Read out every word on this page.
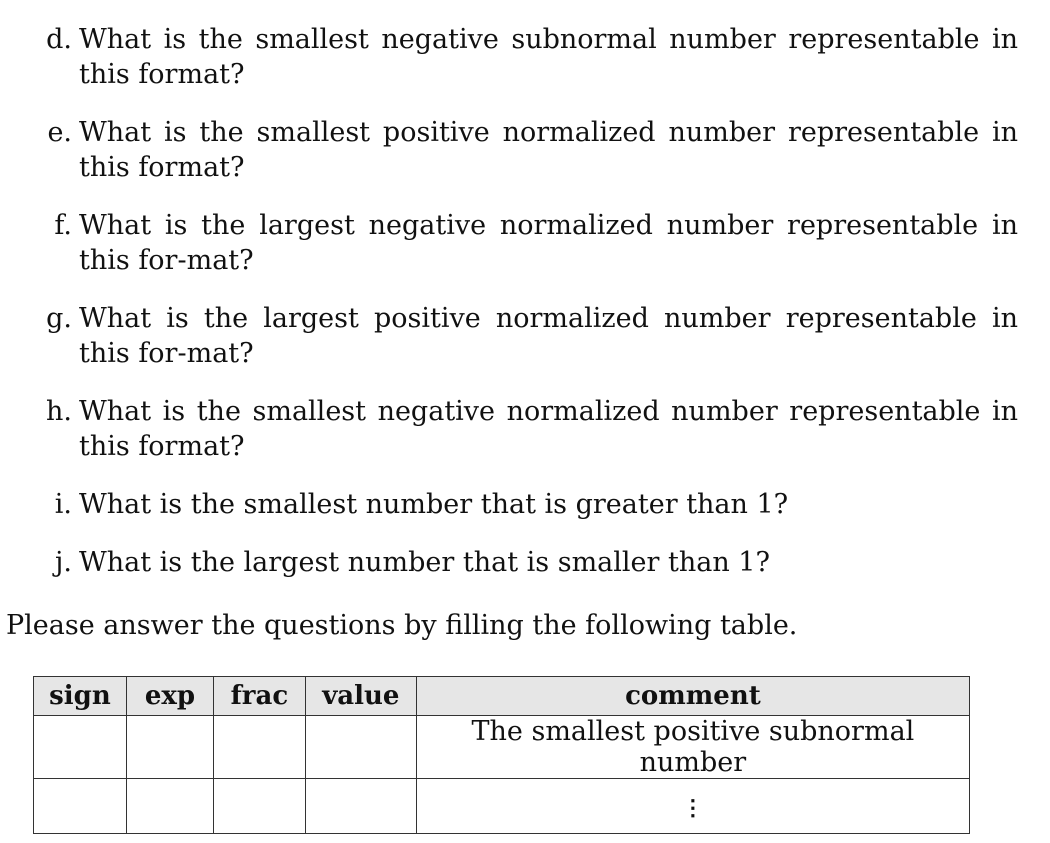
d. What is the smallest negative subnormal number representable in this format?
e. What is the smallest positive normalized number representable in this format?
f. What is the largest negative normalized number representable in this for-mat?
g. What is the largest positive normalized number representable in this for-mat?
h. What is the smallest negative normalized number representable in this format?
i. What is the smallest number that is greater than 1?
j. What is the largest number that is smaller than 1?
Please answer the questions by filling the following table.
sign	exp	frac	value	comment
				The smallest positive subnormal number
				⋮
